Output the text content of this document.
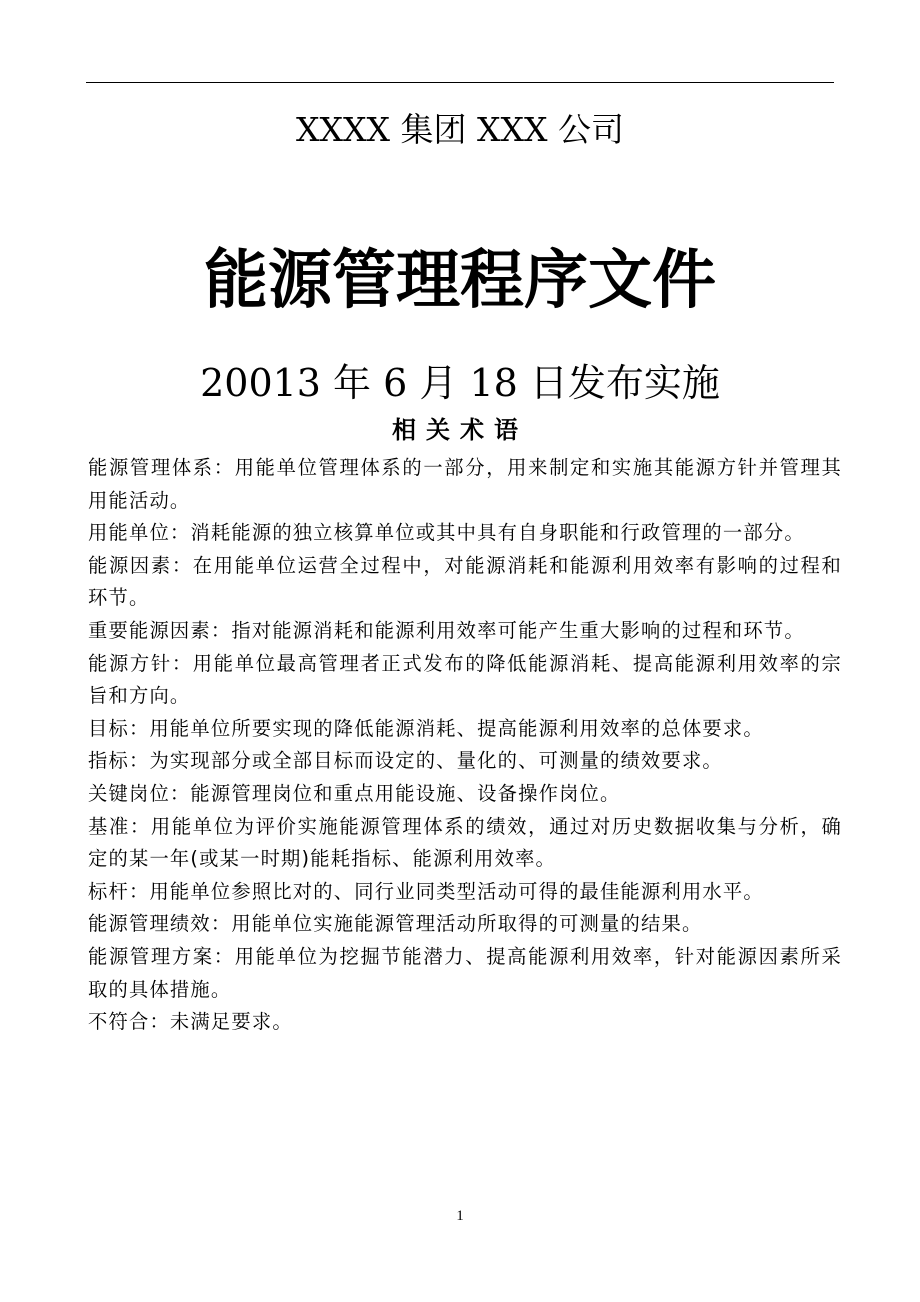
XXXX 集团 XXX 公司
能源管理程序文件
20013 年 6 月 18 日发布实施
相关术语
能源管理体系：用能单位管理体系的一部分，用来制定和实施其能源方针并管理其用能活动。
用能单位：消耗能源的独立核算单位或其中具有自身职能和行政管理的一部分。
能源因素：在用能单位运营全过程中，对能源消耗和能源利用效率有影响的过程和环节。
重要能源因素：指对能源消耗和能源利用效率可能产生重大影响的过程和环节。
能源方针：用能单位最高管理者正式发布的降低能源消耗、提高能源利用效率的宗旨和方向。
目标：用能单位所要实现的降低能源消耗、提高能源利用效率的总体要求。
指标：为实现部分或全部目标而设定的、量化的、可测量的绩效要求。
关键岗位：能源管理岗位和重点用能设施、设备操作岗位。
基准：用能单位为评价实施能源管理体系的绩效，通过对历史数据收集与分析，确定的某一年(或某一时期)能耗指标、能源利用效率。
标杆：用能单位参照比对的、同行业同类型活动可得的最佳能源利用水平。
能源管理绩效：用能单位实施能源管理活动所取得的可测量的结果。
能源管理方案：用能单位为挖掘节能潜力、提高能源利用效率，针对能源因素所采取的具体措施。
不符合：未满足要求。
1
